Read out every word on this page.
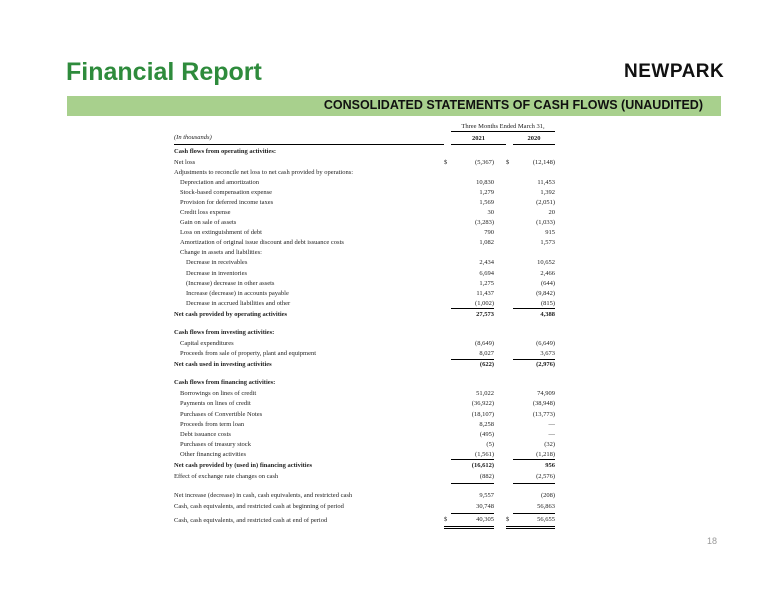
Financial Report	NEWPARK
CONSOLIDATED STATEMENTS OF CASH FLOWS (UNAUDITED)
		Three Months Ended March 31,			
(In thousands)		2021			2020
Cash flows from operating activities:					
Net loss	$	(5,367)		$	(12,148)
Adjustments to reconcile net loss to net cash provided by operations:					
Depreciation and amortization		10,830			11,453
Stock-based compensation expense		1,279			1,392
Provision for deferred income taxes		1,569			(2,051)
Credit loss expense		30			20
Gain on sale of assets		(3,283)			(1,033)
Loss on extinguishment of debt		790			915
Amortization of original issue discount and debt issuance costs		1,082			1,573
Change in assets and liabilities:					
Decrease in receivables		2,434			10,652
Decrease in inventories		6,694			2,466
(Increase) decrease in other assets		1,275			(644)
Increase (decrease) in accounts payable		11,437			(9,842)
Decrease in accrued liabilities and other		(1,002)			(815)
Net cash provided by operating activities		27,573			4,388

Cash flows from investing activities:					
Capital expenditures		(8,649)			(6,649)
Proceeds from sale of property, plant and equipment		8,027			3,673
Net cash used in investing activities		(622)			(2,976)

Cash flows from financing activities:					
Borrowings on lines of credit		51,022			74,909
Payments on lines of credit		(36,922)			(38,948)
Purchases of Convertible Notes		(18,107)			(13,773)
Proceeds from term loan		8,258			—
Debt issuance costs		(495)			—
Purchases of treasury stock		(5)			(32)
Other financing activities		(1,561)			(1,218)
Net cash provided by (used in) financing activities		(16,612)			956
Effect of exchange rate changes on cash		(882)			(2,576)

Net increase (decrease) in cash, cash equivalents, and restricted cash		9,557			(208)
Cash, cash equivalents, and restricted cash at beginning of period		30,748			56,863
Cash, cash equivalents, and restricted cash at end of period	$	40,305		$	56,655
18
